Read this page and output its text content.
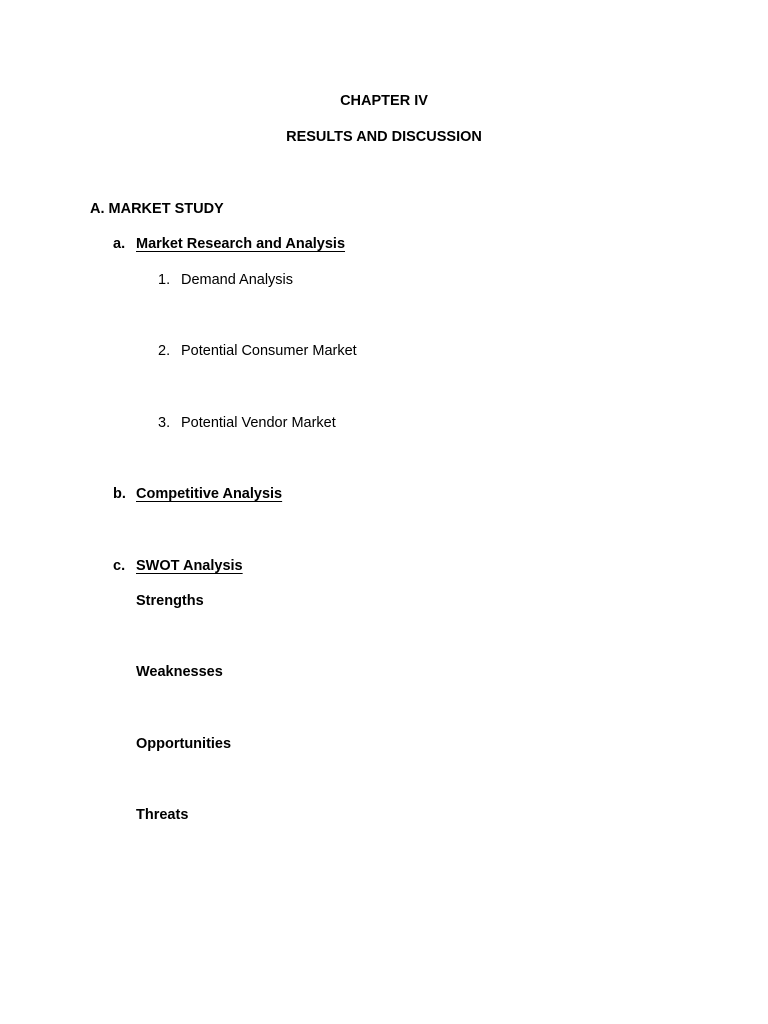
CHAPTER IV
RESULTS AND DISCUSSION
A. MARKET STUDY
a. Market Research and Analysis
1. Demand Analysis
2. Potential Consumer Market
3. Potential Vendor Market
b. Competitive Analysis
c. SWOT Analysis
Strengths
Weaknesses
Opportunities
Threats
